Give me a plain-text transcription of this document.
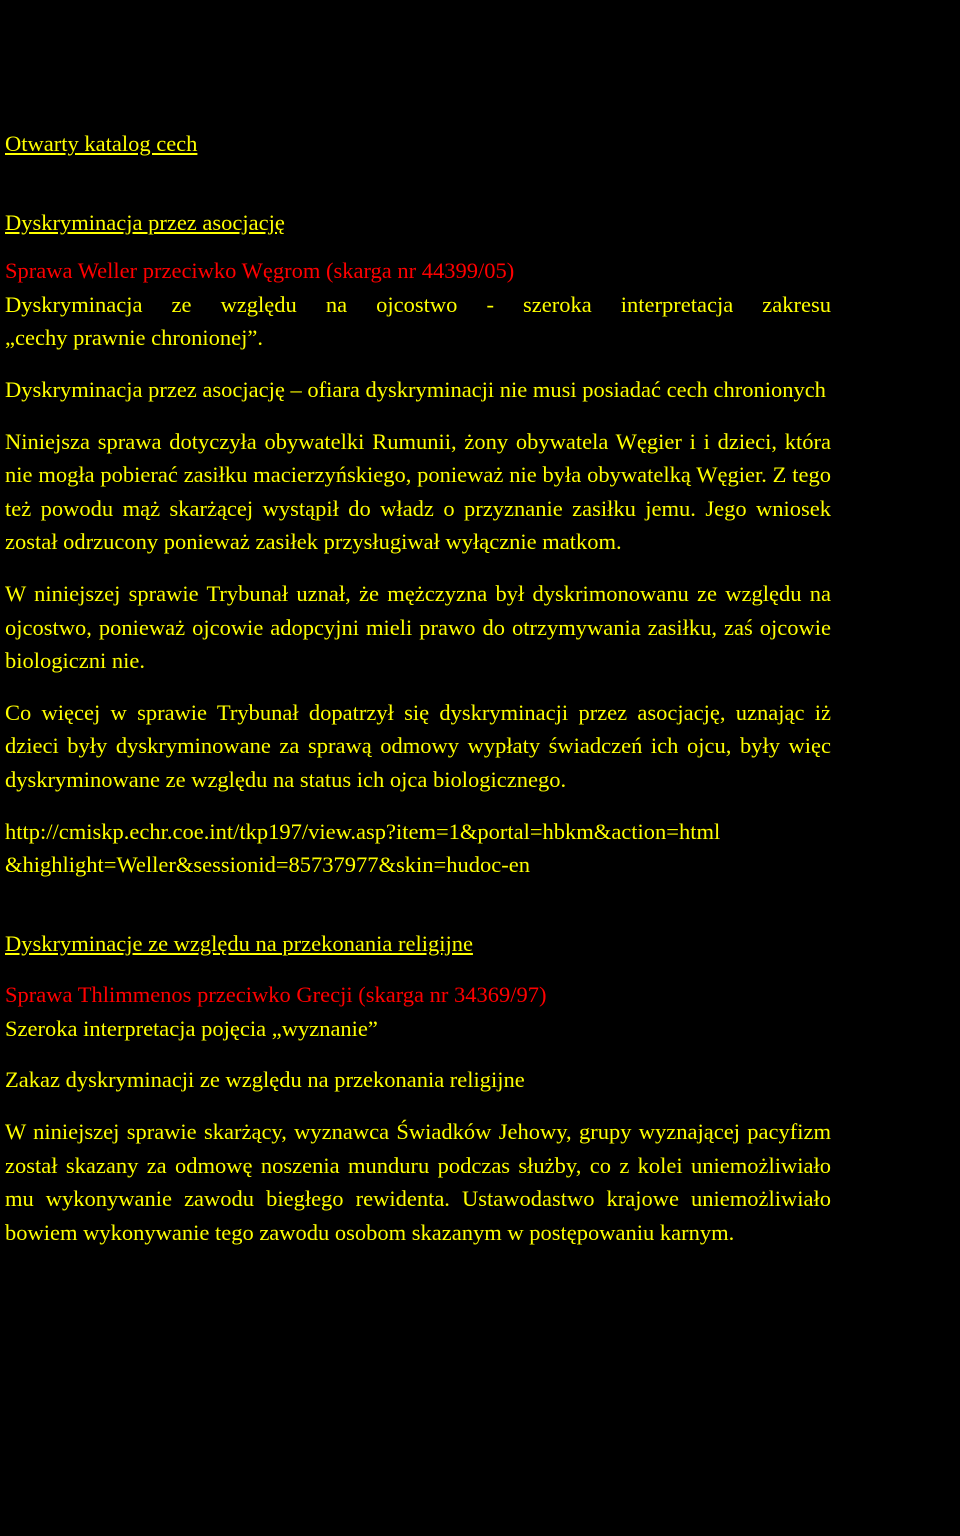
Otwarty katalog cech

Dyskryminacja przez asocjację

Sprawa Weller przeciwko Węgrom (skarga nr 44399/05)

Dyskryminacja ze względu na ojcostwo - szeroka interpretacja zakresu

„cechy prawnie chronionej”.

Dyskryminacja przez asocjację – ofiara dyskryminacji nie musi posiadać cech chronionych

Niniejsza sprawa dotyczyła obywatelki Rumunii, żony obywatela Węgier i i dzieci, która nie mogła pobierać zasiłku macierzyńskiego, ponieważ nie była obywatelką Węgier. Z tego też powodu mąż skarżącej wystąpił do władz o przyznanie zasiłku jemu. Jego wniosek został odrzucony ponieważ zasiłek przysługiwał wyłącznie matkom.

W niniejszej sprawie Trybunał uznał, że mężczyzna był dyskrimonowanu ze względu na ojcostwo, ponieważ ojcowie adopcyjni mieli prawo do otrzymywania zasiłku, zaś ojcowie biologiczni nie.

Co więcej w sprawie Trybunał dopatrzył się dyskryminacji przez asocjację, uznając iż dzieci były dyskryminowane za sprawą odmowy wypłaty świadczeń ich ojcu, były więc dyskryminowane ze względu na status ich ojca biologicznego.

http://cmiskp.echr.coe.int/tkp197/view.asp?item=1&portal=hbkm&action=html

&highlight=Weller&sessionid=85737977&skin=hudoc-en

Dyskryminacje ze względu na przekonania religijne

Sprawa Thlimmenos przeciwko Grecji (skarga nr 34369/97)

Szeroka interpretacja pojęcia „wyznanie”

Zakaz dyskryminacji ze względu na przekonania religijne

W niniejszej sprawie skarżący, wyznawca Świadków Jehowy, grupy wyznającej pacyfizm został skazany za odmowę noszenia munduru podczas służby, co z kolei uniemożliwiało mu wykonywanie zawodu biegłego rewidenta. Ustawodastwo krajowe uniemożliwiało bowiem wykonywanie tego zawodu osobom skazanym w postępowaniu karnym.
